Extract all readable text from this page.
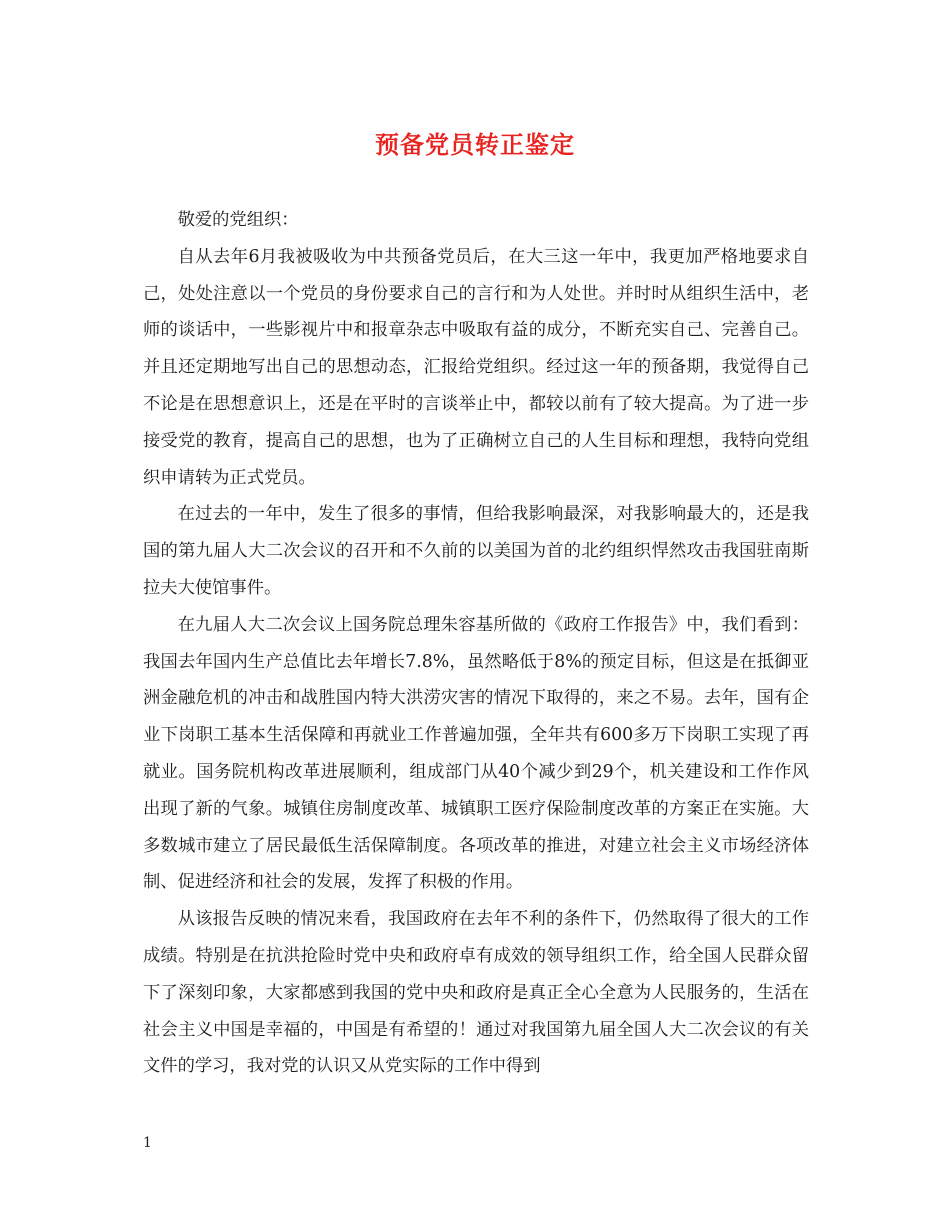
预备党员转正鉴定

敬爱的党组织：

自从去年6月我被吸收为中共预备党员后，在大三这一年中，我更加严格地要求自己，处处注意以一个党员的身份要求自己的言行和为人处世。并时时从组织生活中，老师的谈话中，一些影视片中和报章杂志中吸取有益的成分，不断充实自己、完善自己。并且还定期地写出自己的思想动态，汇报给党组织。经过这一年的预备期，我觉得自己不论是在思想意识上，还是在平时的言谈举止中，都较以前有了较大提高。为了进一步接受党的教育，提高自己的思想，也为了正确树立自己的人生目标和理想，我特向党组织申请转为正式党员。

在过去的一年中，发生了很多的事情，但给我影响最深，对我影响最大的，还是我国的第九届人大二次会议的召开和不久前的以美国为首的北约组织悍然攻击我国驻南斯拉夫大使馆事件。

在九届人大二次会议上国务院总理朱容基所做的《政府工作报告》中，我们看到：我国去年国内生产总值比去年增长7.8%，虽然略低于8%的预定目标，但这是在抵御亚洲金融危机的冲击和战胜国内特大洪涝灾害的情况下取得的，来之不易。去年，国有企业下岗职工基本生活保障和再就业工作普遍加强，全年共有600多万下岗职工实现了再就业。国务院机构改革进展顺利，组成部门从40个减少到29个，机关建设和工作作风出现了新的气象。城镇住房制度改革、城镇职工医疗保险制度改革的方案正在实施。大多数城市建立了居民最低生活保障制度。各项改革的推进，对建立社会主义市场经济体制、促进经济和社会的发展，发挥了积极的作用。

从该报告反映的情况来看，我国政府在去年不利的条件下，仍然取得了很大的工作成绩。特别是在抗洪抢险时党中央和政府卓有成效的领导组织工作，给全国人民群众留下了深刻印象，大家都感到我国的党中央和政府是真正全心全意为人民服务的，生活在社会主义中国是幸福的，中国是有希望的！通过对我国第九届全国人大二次会议的有关文件的学习，我对党的认识又从党实际的工作中得到

1
